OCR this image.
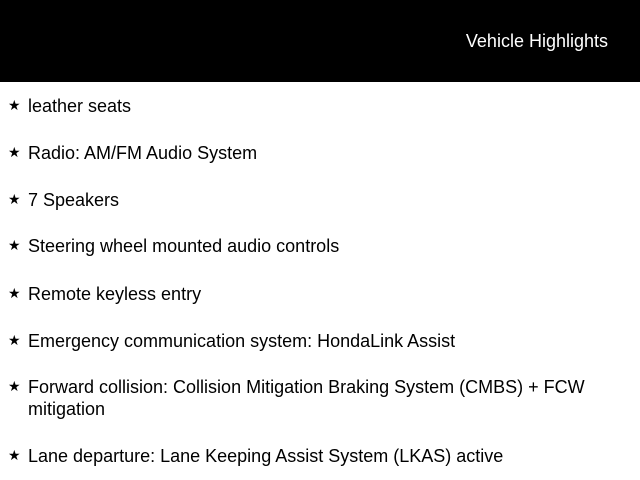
Vehicle Highlights
★ leather seats
★ Radio: AM/FM Audio System
★ 7 Speakers
★ Steering wheel mounted audio controls
★ Remote keyless entry
★ Emergency communication system: HondaLink Assist
★ Forward collision: Collision Mitigation Braking System (CMBS) + FCW mitigation
★ Lane departure: Lane Keeping Assist System (LKAS) active
